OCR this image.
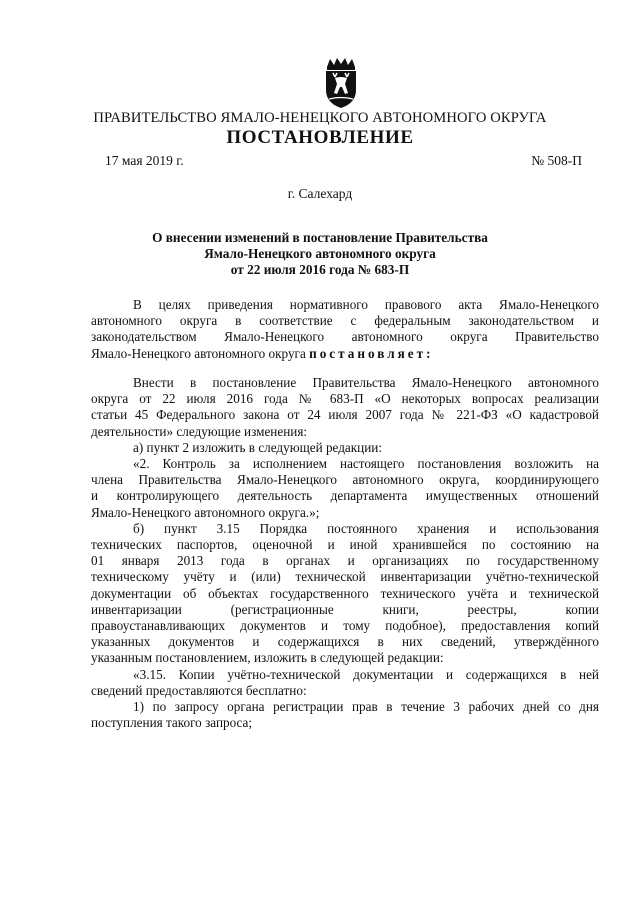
ПРАВИТЕЛЬСТВО ЯМАЛО-НЕНЕЦКОГО АВТОНОМНОГО ОКРУГА
ПОСТАНОВЛЕНИЕ
17 мая 2019 г.	№ 508-П
г. Салехард
О внесении изменений в постановление Правительства
Ямало-Ненецкого автономного округа
от 22 июля 2016 года № 683-П
В целях приведения нормативного правового акта Ямало-Ненецкого
автономного округа в соответствие с федеральным законодательством и
законодательством Ямало-Ненецкого автономного округа Правительство
Ямало-Ненецкого автономного округа постановляет:
Внести в постановление Правительства Ямало-Ненецкого автономного
округа от 22 июля 2016 года № 683-П «О некоторых вопросах реализации
статьи 45 Федерального закона от 24 июля 2007 года № 221-ФЗ «О кадастровой
деятельности» следующие изменения:
а) пункт 2 изложить в следующей редакции:
«2. Контроль за исполнением настоящего постановления возложить на
члена Правительства Ямало-Ненецкого автономного округа, координирующего
и контролирующего деятельность департамента имущественных отношений
Ямало-Ненецкого автономного округа.»;
б) пункт 3.15 Порядка постоянного хранения и использования
технических паспортов, оценочной и иной хранившейся по состоянию на
01 января 2013 года в органах и организациях по государственному
техническому учёту и (или) технической инвентаризации учётно-технической
документации об объектах государственного технического учёта и технической
инвентаризации (регистрационные книги, реестры, копии
правоустанавливающих документов и тому подобное), предоставления копий
указанных документов и содержащихся в них сведений, утверждённого
указанным постановлением, изложить в следующей редакции:
«3.15. Копии учётно-технической документации и содержащихся в ней
сведений предоставляются бесплатно:
1) по запросу органа регистрации прав в течение 3 рабочих дней со дня
поступления такого запроса;
